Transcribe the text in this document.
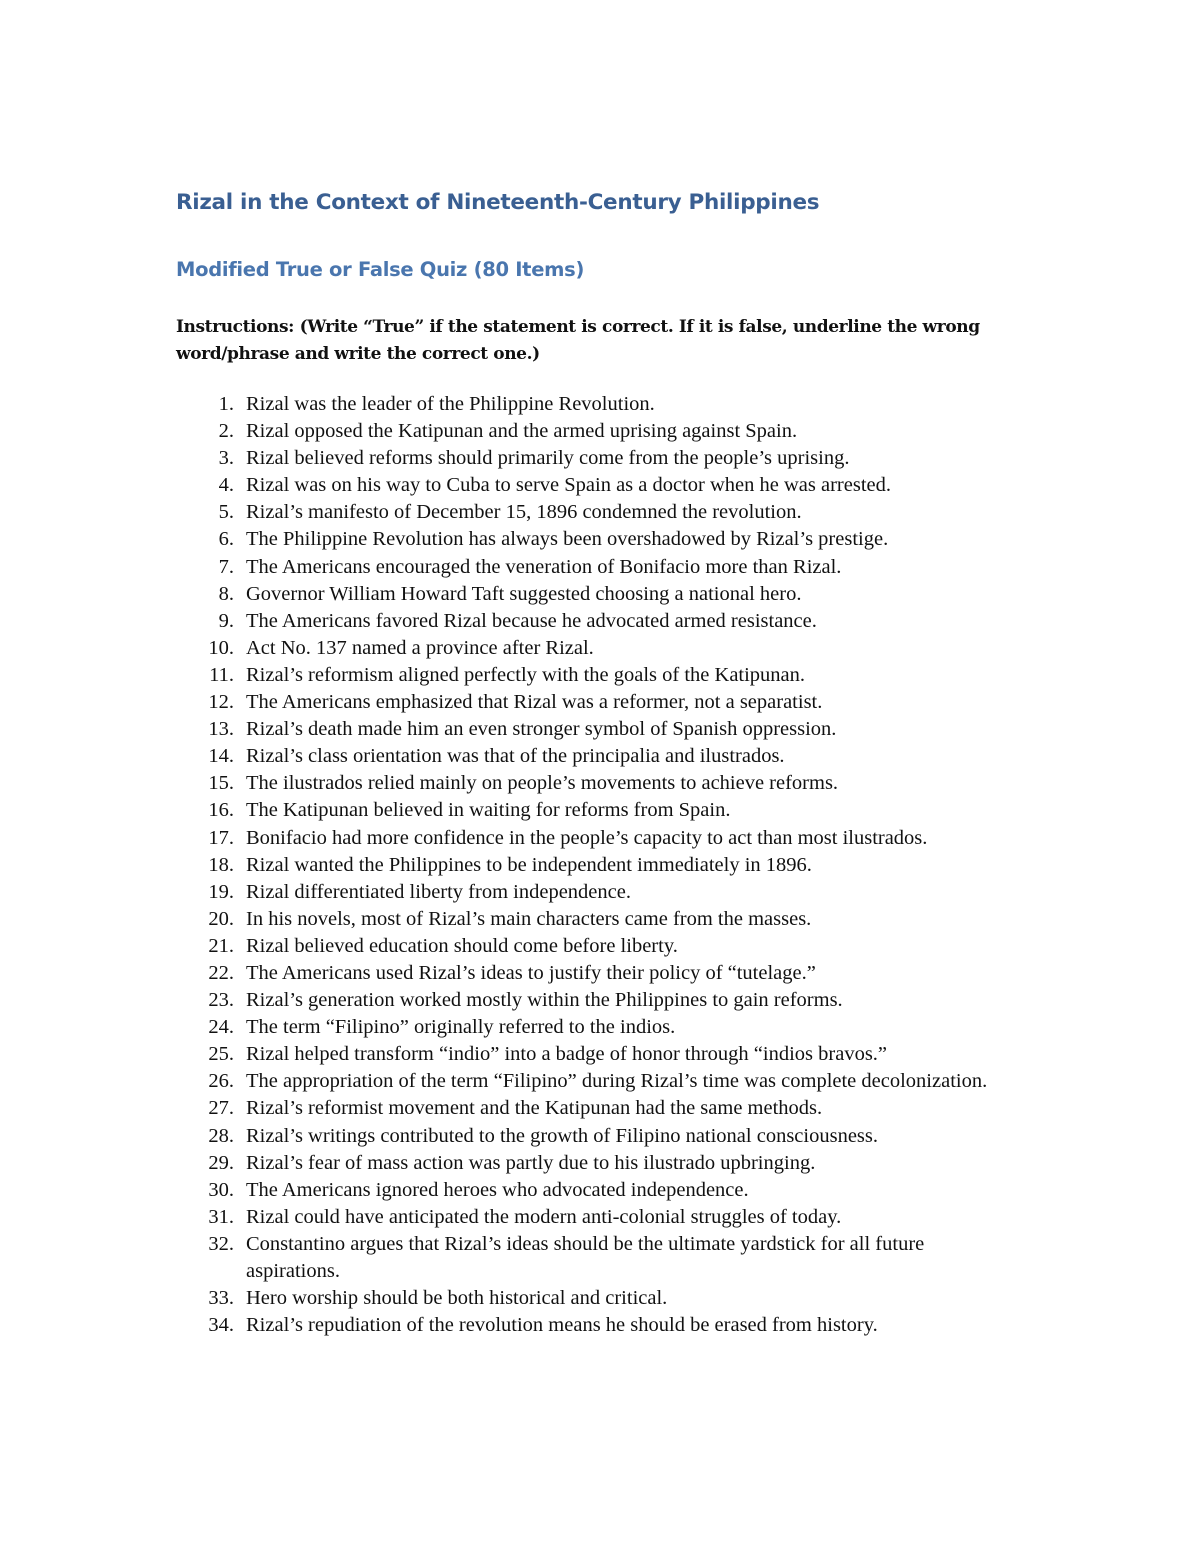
Rizal in the Context of Nineteenth-Century Philippines
Modified True or False Quiz (80 Items)

Instructions: (Write “True” if the statement is correct. If it is false, underline the wrong word/phrase and write the correct one.)

1. Rizal was the leader of the Philippine Revolution.
2. Rizal opposed the Katipunan and the armed uprising against Spain.
3. Rizal believed reforms should primarily come from the people’s uprising.
4. Rizal was on his way to Cuba to serve Spain as a doctor when he was arrested.
5. Rizal’s manifesto of December 15, 1896 condemned the revolution.
6. The Philippine Revolution has always been overshadowed by Rizal’s prestige.
7. The Americans encouraged the veneration of Bonifacio more than Rizal.
8. Governor William Howard Taft suggested choosing a national hero.
9. The Americans favored Rizal because he advocated armed resistance.
10. Act No. 137 named a province after Rizal.
11. Rizal’s reformism aligned perfectly with the goals of the Katipunan.
12. The Americans emphasized that Rizal was a reformer, not a separatist.
13. Rizal’s death made him an even stronger symbol of Spanish oppression.
14. Rizal’s class orientation was that of the principalia and ilustrados.
15. The ilustrados relied mainly on people’s movements to achieve reforms.
16. The Katipunan believed in waiting for reforms from Spain.
17. Bonifacio had more confidence in the people’s capacity to act than most ilustrados.
18. Rizal wanted the Philippines to be independent immediately in 1896.
19. Rizal differentiated liberty from independence.
20. In his novels, most of Rizal’s main characters came from the masses.
21. Rizal believed education should come before liberty.
22. The Americans used Rizal’s ideas to justify their policy of “tutelage.”
23. Rizal’s generation worked mostly within the Philippines to gain reforms.
24. The term “Filipino” originally referred to the indios.
25. Rizal helped transform “indio” into a badge of honor through “indios bravos.”
26. The appropriation of the term “Filipino” during Rizal’s time was complete decolonization.
27. Rizal’s reformist movement and the Katipunan had the same methods.
28. Rizal’s writings contributed to the growth of Filipino national consciousness.
29. Rizal’s fear of mass action was partly due to his ilustrado upbringing.
30. The Americans ignored heroes who advocated independence.
31. Rizal could have anticipated the modern anti-colonial struggles of today.
32. Constantino argues that Rizal’s ideas should be the ultimate yardstick for all future aspirations.
33. Hero worship should be both historical and critical.
34. Rizal’s repudiation of the revolution means he should be erased from history.
